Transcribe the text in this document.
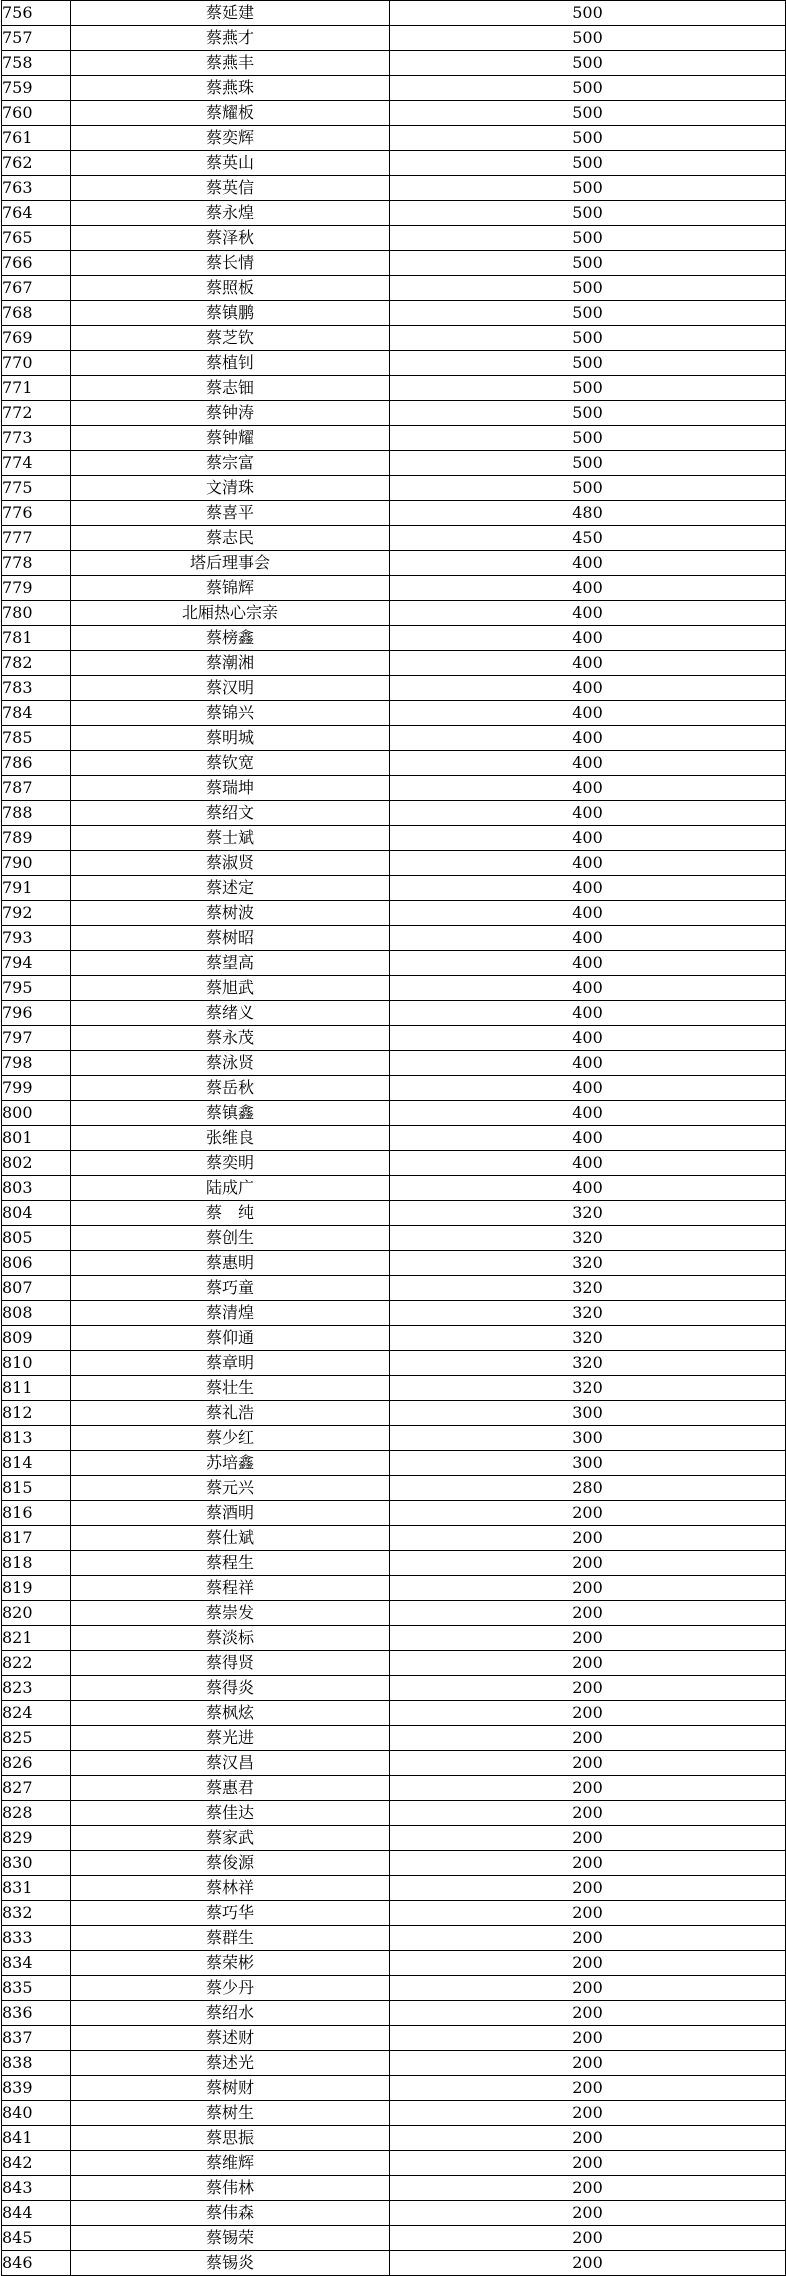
756	蔡延建	500
757	蔡燕才	500
758	蔡燕丰	500
759	蔡燕珠	500
760	蔡耀板	500
761	蔡奕辉	500
762	蔡英山	500
763	蔡英信	500
764	蔡永煌	500
765	蔡泽秋	500
766	蔡长情	500
767	蔡照板	500
768	蔡镇鹏	500
769	蔡芝钦	500
770	蔡植钊	500
771	蔡志钿	500
772	蔡钟涛	500
773	蔡钟耀	500
774	蔡宗富	500
775	文清珠	500
776	蔡喜平	480
777	蔡志民	450
778	塔后理事会	400
779	蔡锦辉	400
780	北厢热心宗亲	400
781	蔡榜鑫	400
782	蔡潮湘	400
783	蔡汉明	400
784	蔡锦兴	400
785	蔡明城	400
786	蔡钦宽	400
787	蔡瑞坤	400
788	蔡绍文	400
789	蔡士斌	400
790	蔡淑贤	400
791	蔡述定	400
792	蔡树波	400
793	蔡树昭	400
794	蔡望高	400
795	蔡旭武	400
796	蔡绪义	400
797	蔡永茂	400
798	蔡泳贤	400
799	蔡岳秋	400
800	蔡镇鑫	400
801	张维良	400
802	蔡奕明	400
803	陆成广	400
804	蔡　纯	320
805	蔡创生	320
806	蔡惠明	320
807	蔡巧童	320
808	蔡清煌	320
809	蔡仰通	320
810	蔡章明	320
811	蔡壮生	320
812	蔡礼浩	300
813	蔡少红	300
814	苏培鑫	300
815	蔡元兴	280
816	蔡酒明	200
817	蔡仕斌	200
818	蔡程生	200
819	蔡程祥	200
820	蔡崇发	200
821	蔡淡标	200
822	蔡得贤	200
823	蔡得炎	200
824	蔡枫炫	200
825	蔡光进	200
826	蔡汉昌	200
827	蔡惠君	200
828	蔡佳达	200
829	蔡家武	200
830	蔡俊源	200
831	蔡林祥	200
832	蔡巧华	200
833	蔡群生	200
834	蔡荣彬	200
835	蔡少丹	200
836	蔡绍水	200
837	蔡述财	200
838	蔡述光	200
839	蔡树财	200
840	蔡树生	200
841	蔡思振	200
842	蔡维辉	200
843	蔡伟林	200
844	蔡伟森	200
845	蔡锡荣	200
846	蔡锡炎	200
